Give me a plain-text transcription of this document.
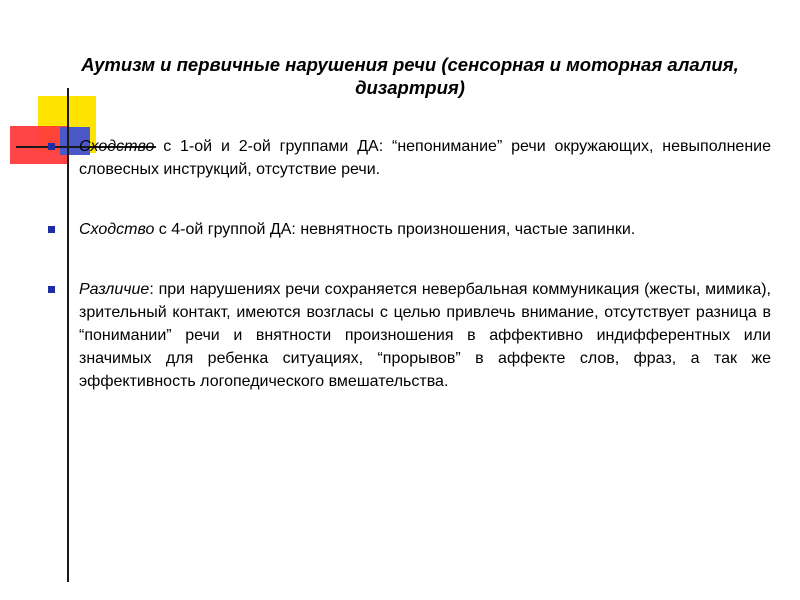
Аутизм и первичные нарушения речи (сенсорная и моторная алалия, дизартрия)
Сходство с 1-ой и 2-ой группами ДА: “непонимание” речи окружающих, невыполнение словесных инструкций, отсутствие речи.
Сходство с 4-ой группой ДА: невнятность произношения, частые запинки.
Различие: при нарушениях речи сохраняется невербальная коммуникация (жесты, мимика), зрительный контакт, имеются возгласы с целью привлечь внимание, отсутствует разница в “понимании” речи и внятности произношения в аффективно индифферентных или значимых для ребенка ситуациях, “прорывов” в аффекте слов, фраз, а так же эффективность логопедического вмешательства.
